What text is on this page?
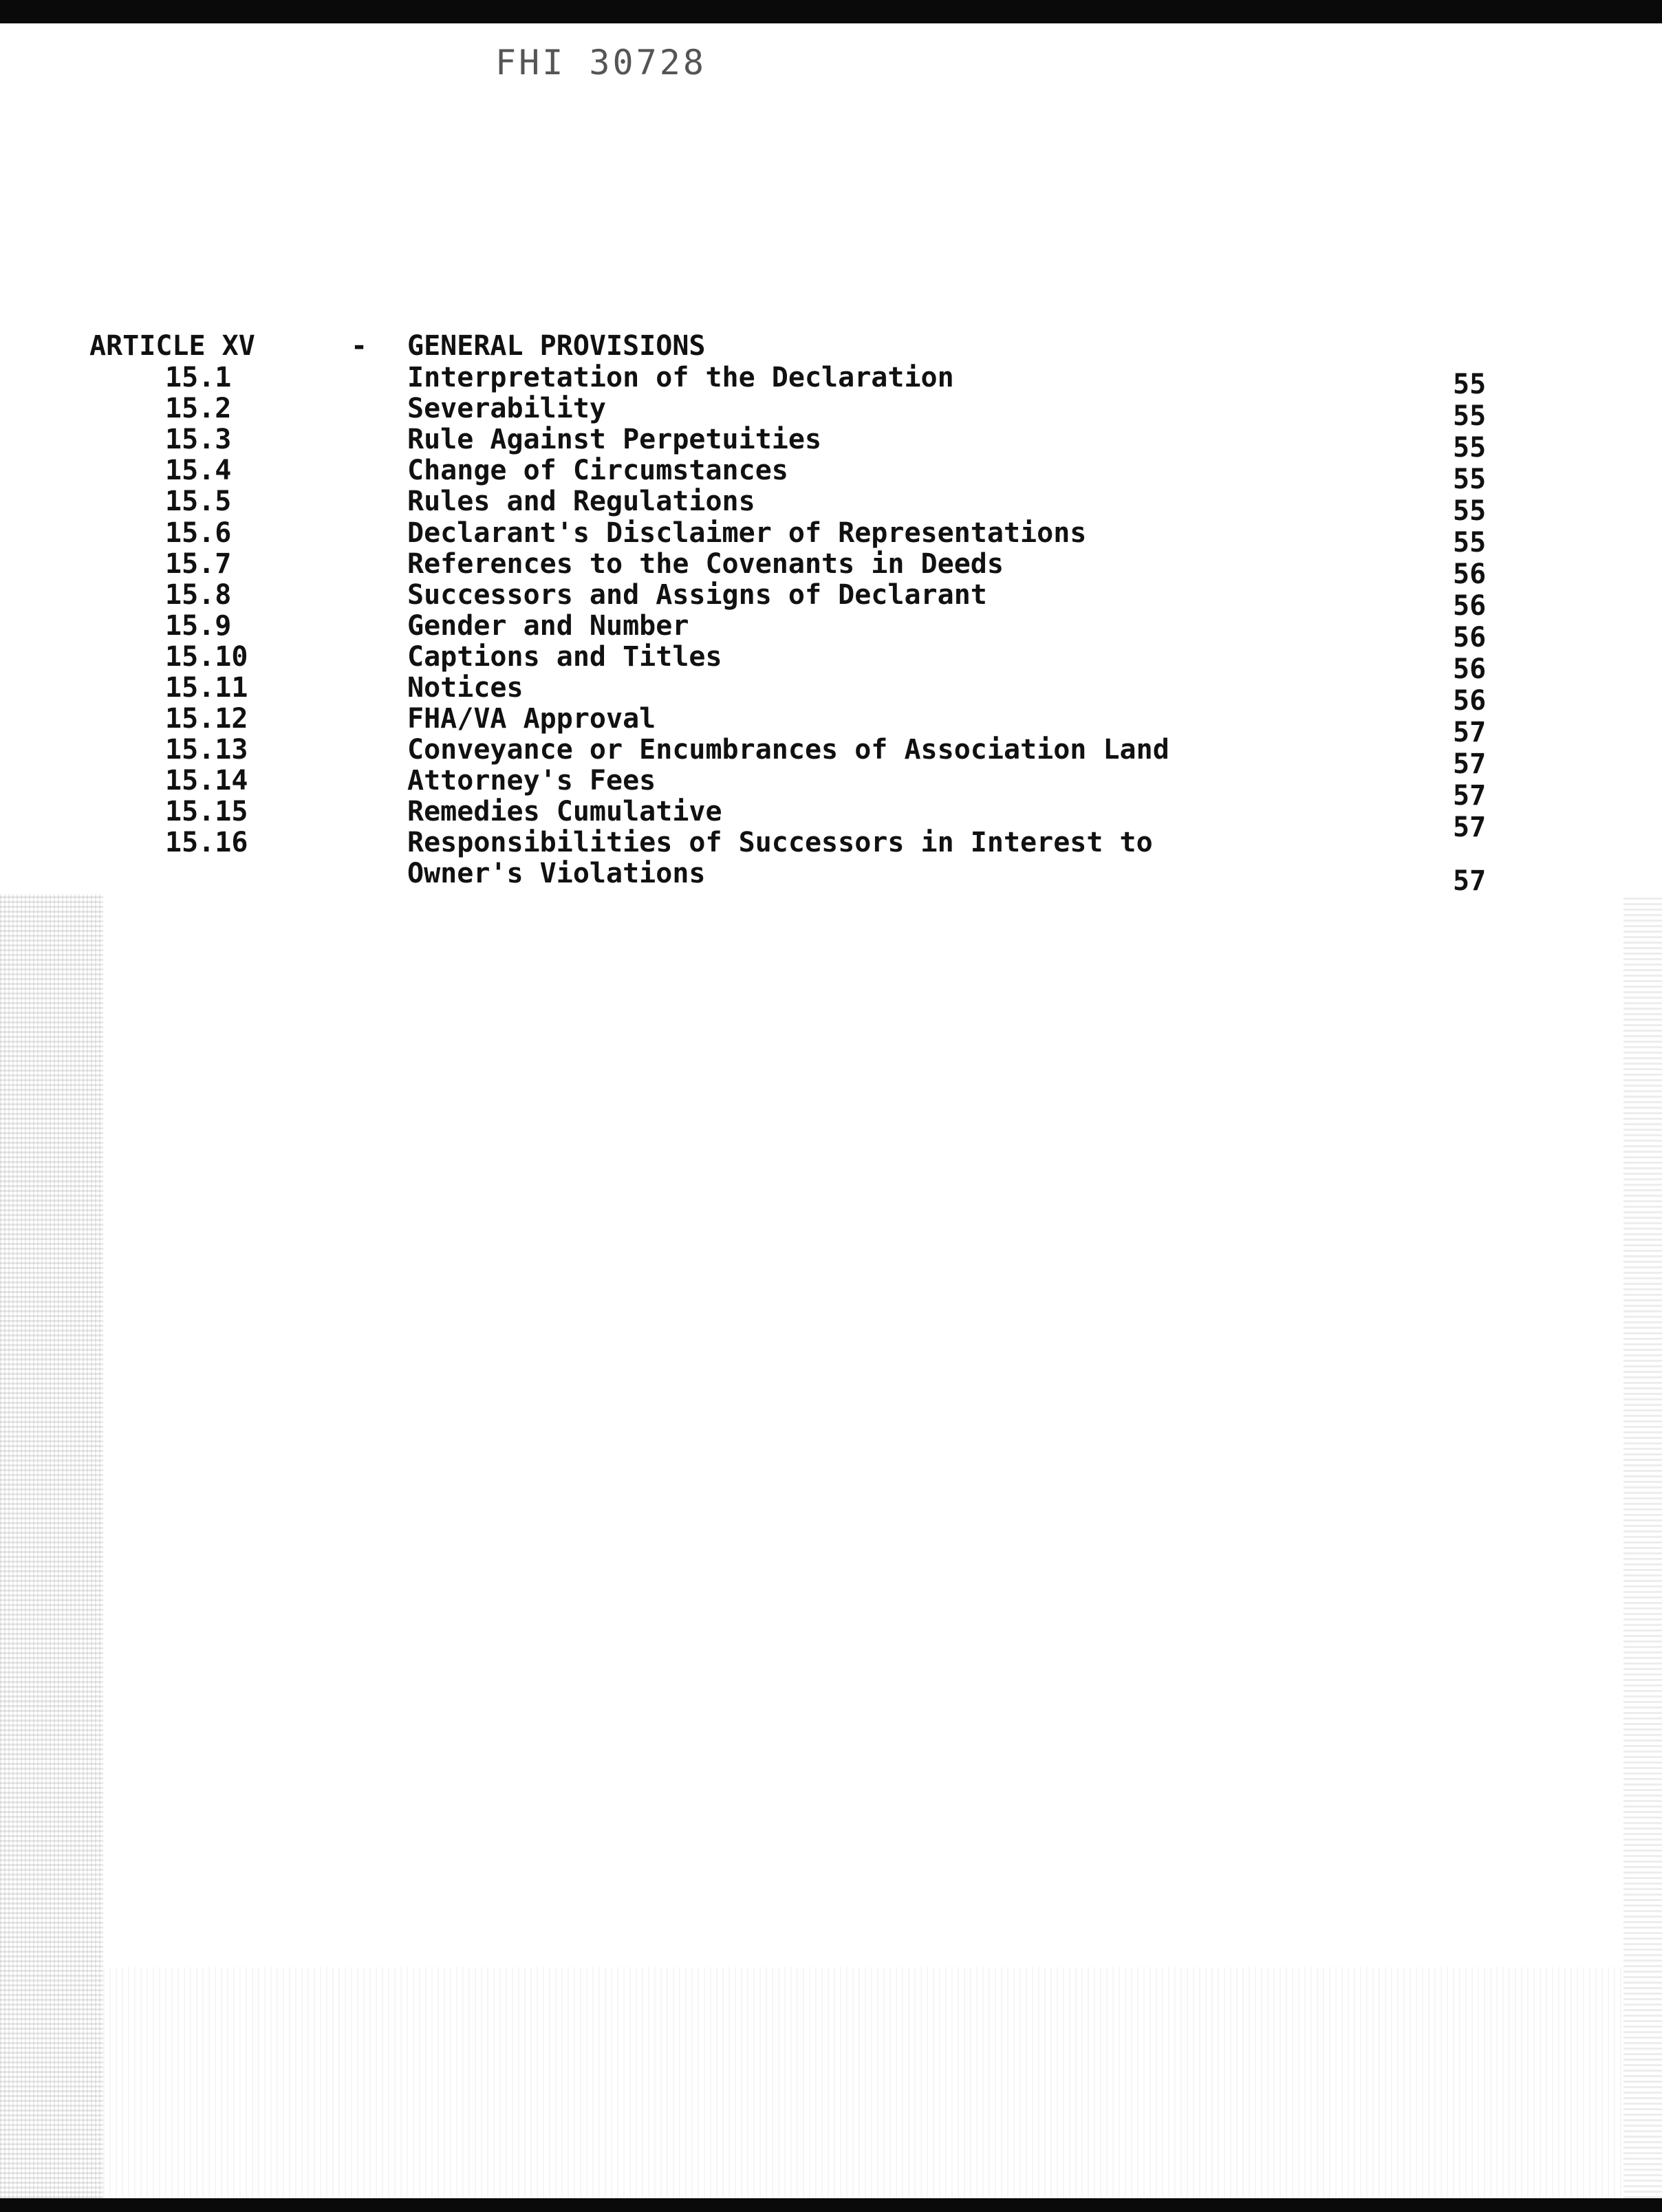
FHI 30728
ARTICLE XV	- GENERAL PROVISIONS
15.1	Interpretation of the Declaration	55
15.2	Severability	55
15.3	Rule Against Perpetuities	55
15.4	Change of Circumstances	55
15.5	Rules and Regulations	55
15.6	Declarant's Disclaimer of Representations	55
15.7	References to the Covenants in Deeds	56
15.8	Successors and Assigns of Declarant	56
15.9	Gender and Number	56
15.10	Captions and Titles	56
15.11	Notices	56
15.12	FHA/VA Approval	57
15.13	Conveyance or Encumbrances of Association Land	57
15.14	Attorney's Fees	57
15.15	Remedies Cumulative	57
15.16	Responsibilities of Successors in Interest to
Owner's Violations	57
